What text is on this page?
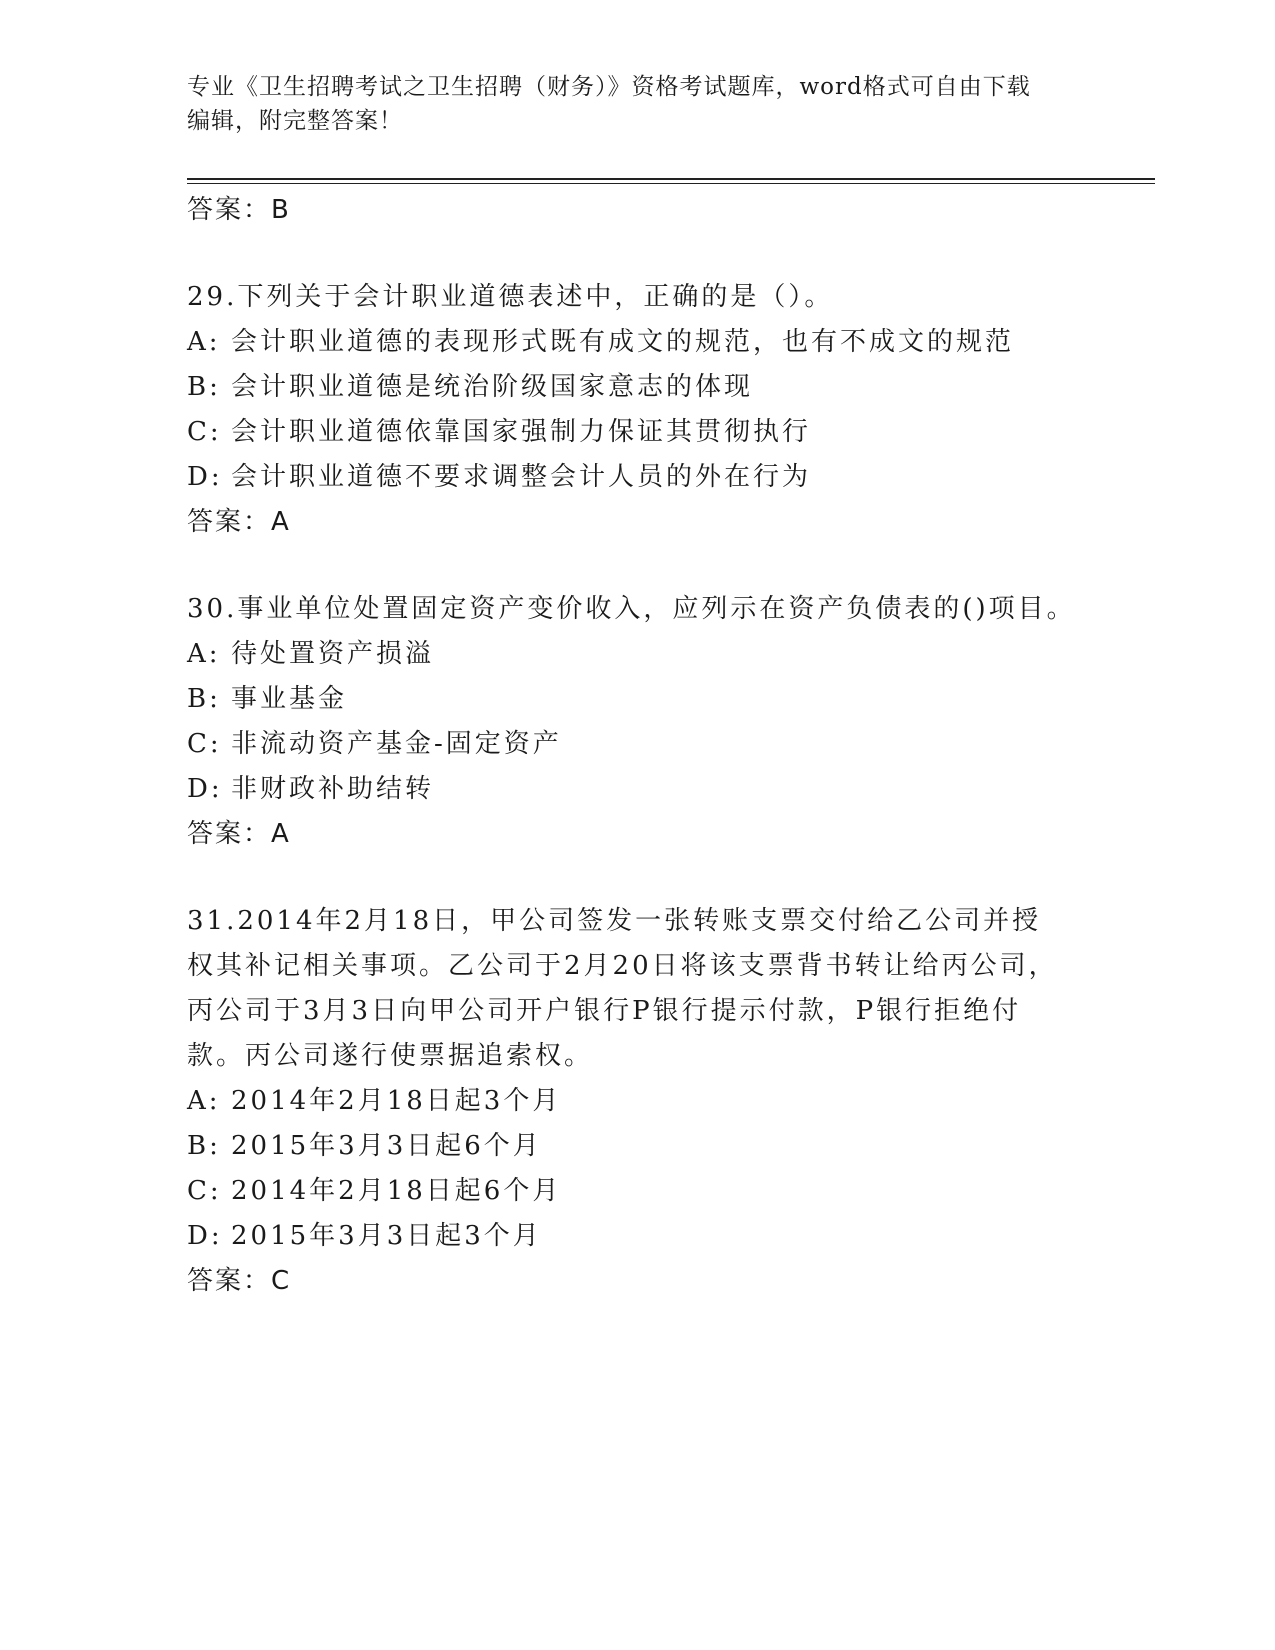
专业《卫生招聘考试之卫生招聘（财务）》资格考试题库，word格式可自由下载
编辑，附完整答案！
答案：B
29.下列关于会计职业道德表述中，正确的是（）。
A: 会计职业道德的表现形式既有成文的规范，也有不成文的规范
B: 会计职业道德是统治阶级国家意志的体现
C: 会计职业道德依靠国家强制力保证其贯彻执行
D: 会计职业道德不要求调整会计人员的外在行为
答案：A
30.事业单位处置固定资产变价收入，应列示在资产负债表的()项目。
A: 待处置资产损溢
B: 事业基金
C: 非流动资产基金-固定资产
D: 非财政补助结转
答案：A
31.2014年2月18日，甲公司签发一张转账支票交付给乙公司并授权其补记相关事项。乙公司于2月20日将该支票背书转让给丙公司，丙公司于3月3日向甲公司开户银行P银行提示付款，P银行拒绝付款。丙公司遂行使票据追索权。
A: 2014年2月18日起3个月
B: 2015年3月3日起6个月
C: 2014年2月18日起6个月
D: 2015年3月3日起3个月
答案：C
